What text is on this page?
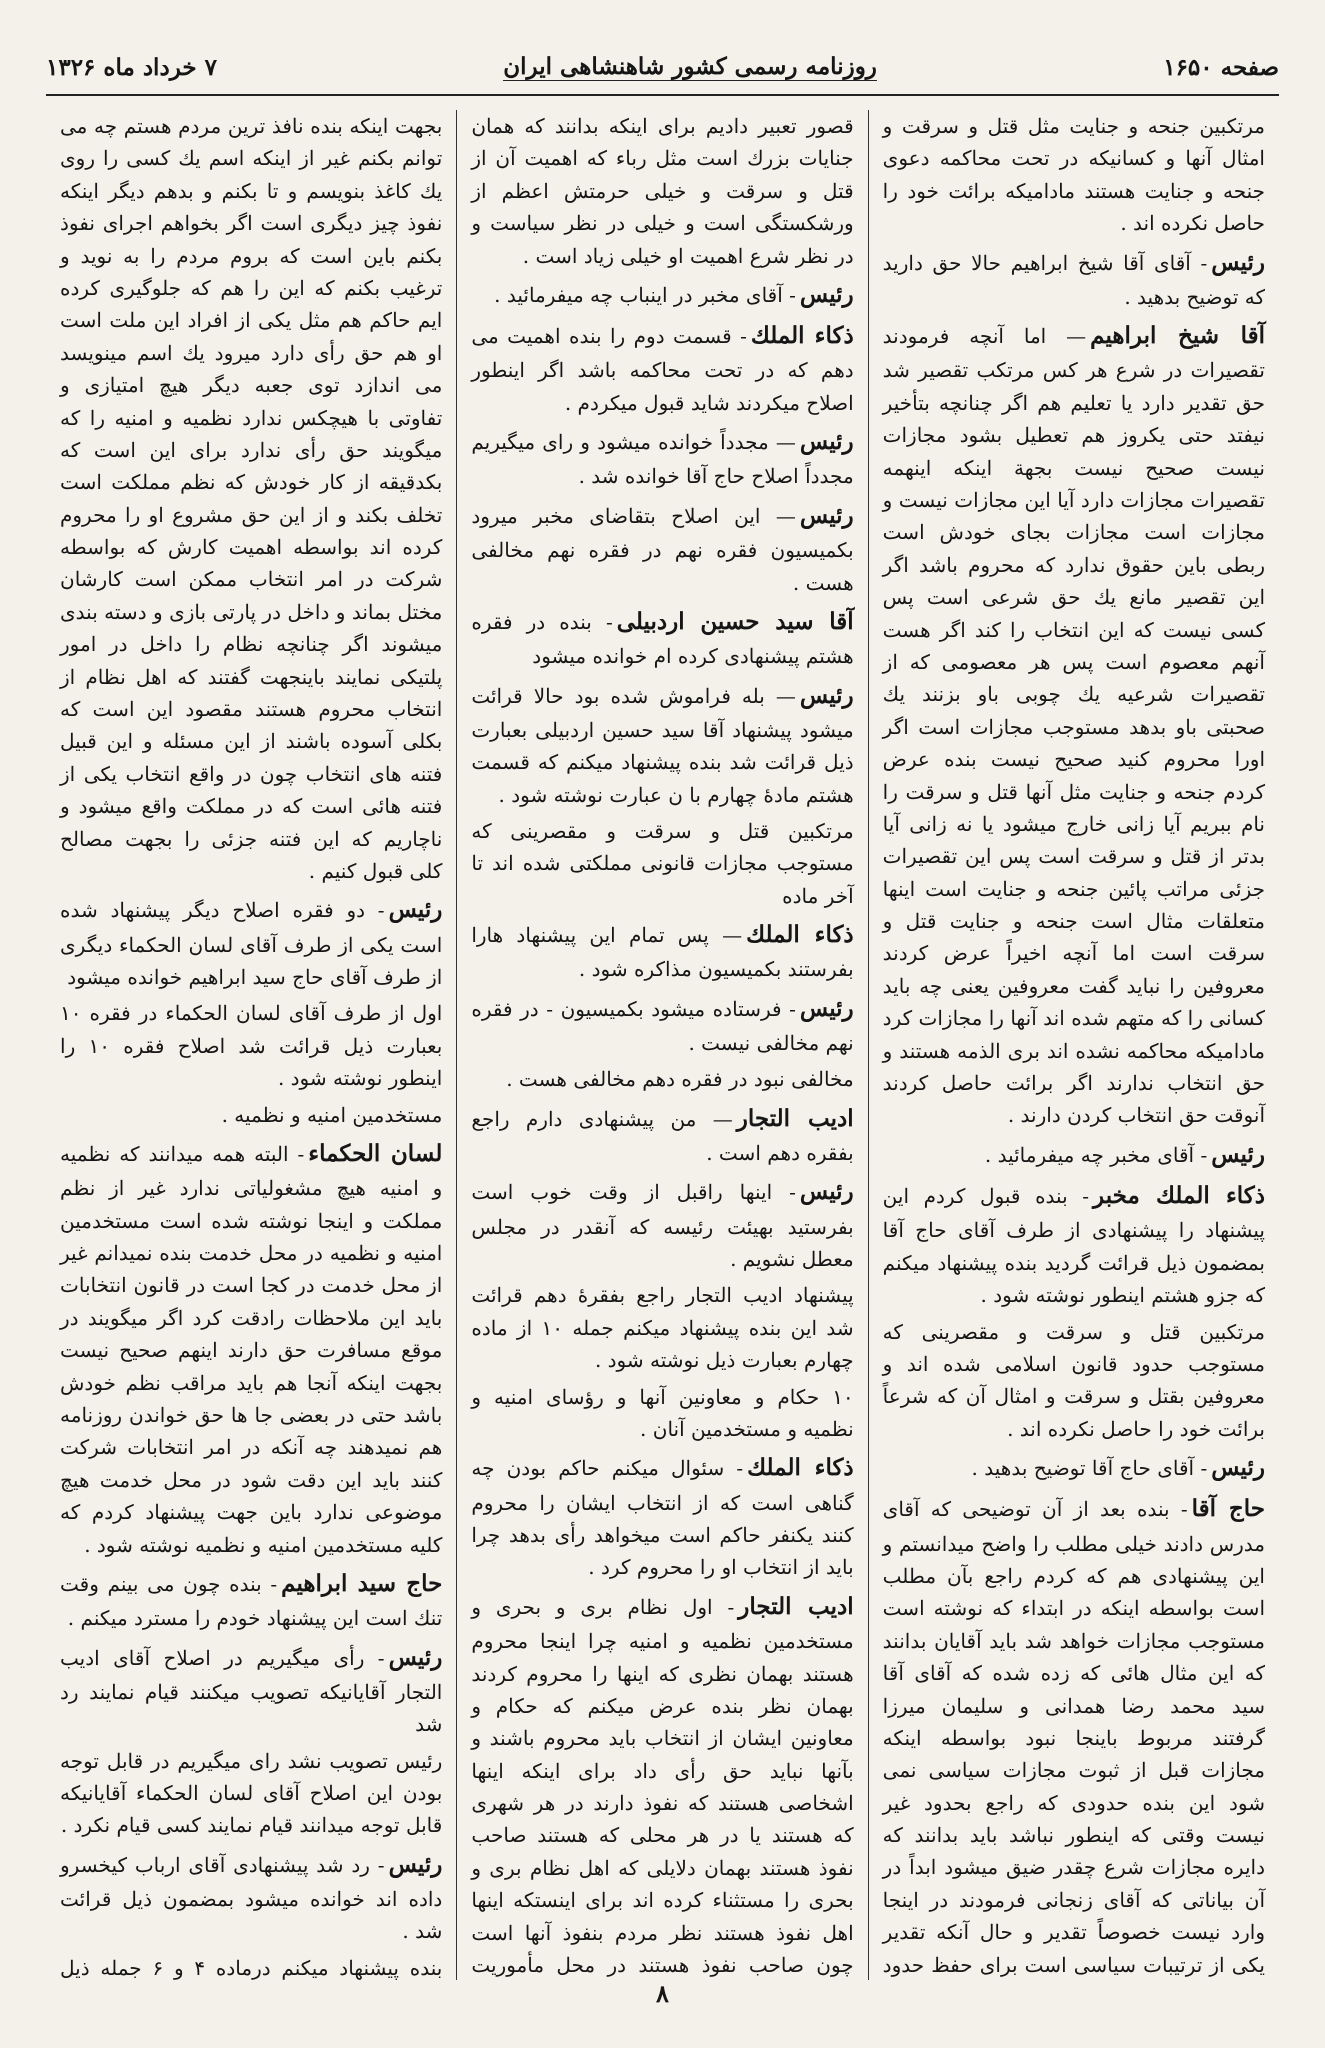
صفحه ۱۶۵۰
روزنامه رسمی کشور شاهنشاهی ایران
۷ خرداد ماه ۱۳۲۶

مرتکبین جنحه و جنایت مثل قتل و سرقت و امثال آنها و کسانیکه در تحت محاکمه دعوی جنحه و جنایت هستند مادامیکه برائت خود را حاصل نکرده اند .

رئیس- آقای آقا شیخ ابراهیم حالا حق دارید که توضیح بدهید .

آقا شیخ ابراهیم— اما آنچه فرمودند تقصیرات در شرع هر کس مرتکب تقصیر شد حق تقدیر دارد یا تعلیم هم اگر چنانچه بتأخیر نیفتد حتی یکروز هم تعطیل بشود مجازات نیست صحیح نیست بجهة اینکه اینهمه تقصیرات مجازات دارد آیا این مجازات نیست و مجازات است مجازات بجای خودش است ربطی باین حقوق ندارد که محروم باشد اگر این تقصیر مانع یك حق شرعی است پس کسی نیست که این انتخاب را کند اگر هست آنهم معصوم است پس هر معصومی که از تقصیرات شرعیه یك چوبی باو بزنند یك صحبتی باو بدهد مستوجب مجازات است اگر اورا محروم کنید صحیح نیست بنده عرض کردم جنحه و جنایت مثل آنها قتل و سرقت را نام ببریم آیا زانی خارج میشود یا نه زانی آیا بدتر از قتل و سرقت است پس این تقصیرات جزئی مراتب پائین جنحه و جنایت است اینها متعلقات مثال است جنحه و جنایت قتل و سرقت است اما آنچه اخیراً عرض کردند معروفین را نباید گفت معروفین یعنی چه باید کسانی را که متهم شده اند آنها را مجازات کرد مادامیکه محاکمه نشده اند بری الذمه هستند و حق انتخاب ندارند اگر برائت حاصل کردند آنوقت حق انتخاب کردن دارند .

رئیس- آقای مخبر چه میفرمائید .

ذکاء الملك مخبر- بنده قبول کردم این پیشنهاد را پیشنهادی از طرف آقای حاج آقا بمضمون ذیل قرائت گردید بنده پیشنهاد میکنم که جزو هشتم اینطور نوشته شود .

مرتکبین قتل و سرقت و مقصرینی که مستوجب حدود قانون اسلامی شده اند و معروفین بقتل و سرقت و امثال آن که شرعاً برائت خود را حاصل نکرده اند .

رئیس- آقای حاج آقا توضیح بدهید .

حاج آقا- بنده بعد از آن توضیحی که آقای مدرس دادند خیلی مطلب را واضح میدانستم و این پیشنهادی هم که کردم راجع بآن مطلب است بواسطه اینکه در ابتداء که نوشته است مستوجب مجازات خواهد شد باید آقایان بدانند که این مثال هائی که زده شده که آقای آقا سید محمد رضا همدانی و سلیمان میرزا گرفتند مربوط باینجا نبود بواسطه اینکه مجازات قبل از ثبوت مجازات سیاسی نمی شود این بنده حدودی که راجع بحدود غیر نیست وقتی که اینطور نباشد باید بدانند که دایره مجازات شرع چقدر ضیق میشود ابداً در آن بیاناتی که آقای زنجانی فرمودند در اینجا وارد نیست خصوصاً تقدیر و حال آنکه تقدیر یکی از ترتیبات سیاسی است برای حفظ حدود

قصور تعبیر دادیم برای اینکه بدانند که همان جنایات بزرك است مثل رباء که اهمیت آن از قتل و سرقت و خیلی حرمتش اعظم از ورشکستگی است و خیلی در نظر سیاست و در نظر شرع اهمیت او خیلی زیاد است .

رئیس- آقای مخبر در اینباب چه میفرمائید .

ذکاء الملك- قسمت دوم را بنده اهمیت می دهم که در تحت محاکمه باشد اگر اینطور اصلاح میکردند شاید قبول میکردم .

رئیس— مجدداً خوانده میشود و رای میگیریم مجدداً اصلاح حاج آقا خوانده شد .

رئیس— این اصلاح بتقاضای مخبر میرود بکمیسیون فقره نهم در فقره نهم مخالفی هست .

آقا سید حسین اردبیلی- بنده در فقره هشتم پیشنهادی کرده ام خوانده میشود

رئیس— بله فراموش شده بود حالا قرائت میشود پیشنهاد آقا سید حسین اردبیلی بعبارت ذیل قرائت شد بنده پیشنهاد میکنم که قسمت هشتم مادهٔ چهارم با ن عبارت نوشته شود .

مرتکبین قتل و سرقت و مقصرینی که مستوجب مجازات قانونی مملکتی شده اند تا آخر ماده

ذکاء الملك— پس تمام این پیشنهاد هارا بفرستند بکمیسیون مذاکره شود .

رئیس- فرستاده میشود بکمیسیون - در فقره نهم مخالفی نیست .

مخالفی نبود در فقره دهم مخالفی هست .

ادیب التجار— من پیشنهادی دارم راجع بفقره دهم است .

رئیس- اینها راقبل از وقت خوب است بفرستید بهیئت رئیسه که آنقدر در مجلس معطل نشویم .

پیشنهاد ادیب التجار راجع بفقرهٔ دهم قرائت شد این بنده پیشنهاد میکنم جمله ۱۰ از ماده چهارم بعبارت ذیل نوشته شود .

۱۰ حکام و معاونین آنها و رؤسای امنیه و نظمیه و مستخدمین آنان .

ذکاء الملك- سئوال میکنم حاکم بودن چه گناهی است که از انتخاب ایشان را محروم کنند یکنفر حاکم است میخواهد رأی بدهد چرا باید از انتخاب او را محروم کرد .

ادیب التجار- اول نظام بری و بحری و مستخدمین نظمیه و امنیه چرا اینجا محروم هستند بهمان نظری که اینها را محروم کردند بهمان نظر بنده عرض میکنم که حکام و معاونین ایشان از انتخاب باید محروم باشند و بآنها نباید حق رأی داد برای اینکه اینها اشخاصی هستند که نفوذ دارند در هر شهری که هستند یا در هر محلی که هستند صاحب نفوذ هستند بهمان دلایلی که اهل نظام بری و بحری را مستثناء کرده اند برای اینستکه اینها اهل نفوذ هستند نظر مردم بنفوذ آنها است چون صاحب نفوذ هستند در محل مأموریت

بجهت اینکه بنده نافذ ترین مردم هستم چه می توانم بکنم غیر از اینکه اسم یك کسی را روی یك کاغذ بنویسم و تا بکنم و بدهم دیگر اینکه نفوذ چیز دیگری است اگر بخواهم اجرای نفوذ بکنم باین است که بروم مردم را به نوید و ترغیب بکنم که این را هم که جلوگیری کرده ایم حاکم هم مثل یکی از افراد این ملت است او هم حق رأی دارد میرود یك اسم مینویسد می اندازد توی جعبه دیگر هیچ امتیازی و تفاوتی با هیچکس ندارد نظمیه و امنیه را که میگویند حق رأی ندارد برای این است که بکدقیقه از کار خودش که نظم مملکت است تخلف بکند و از این حق مشروع او را محروم کرده اند بواسطه اهمیت کارش که بواسطه شرکت در امر انتخاب ممکن است کارشان مختل بماند و داخل در پارتی بازی و دسته بندی میشوند اگر چنانچه نظام را داخل در امور پلتیکی نمایند باینجهت گفتند که اهل نظام از انتخاب محروم هستند مقصود این است که بکلی آسوده باشند از این مسئله و این قبیل فتنه های انتخاب چون در واقع انتخاب یکی از فتنه هائی است که در مملکت واقع میشود و ناچاریم که این فتنه جزئی را بجهت مصالح کلی قبول کنیم .

رئیس- دو فقره اصلاح دیگر پیشنهاد شده است یکی از طرف آقای لسان الحکماء دیگری از طرف آقای حاج سید ابراهیم خوانده میشود

اول از طرف آقای لسان الحکماء در فقره ۱۰ بعبارت ذیل قرائت شد اصلاح فقره ۱۰ را اینطور نوشته شود .

مستخدمین امنیه و نظمیه .

لسان الحکماء- البته همه میدانند که نظمیه و امنیه هیچ مشغولیاتی ندارد غیر از نظم مملکت و اینجا نوشته شده است مستخدمین امنیه و نظمیه در محل خدمت بنده نمیدانم غیر از محل خدمت در کجا است در قانون انتخابات باید این ملاحظات رادقت کرد اگر میگویند در موقع مسافرت حق دارند اینهم صحیح نیست بجهت اینکه آنجا هم باید مراقب نظم خودش باشد حتی در بعضی جا ها حق خواندن روزنامه هم نمیدهند چه آنکه در امر انتخابات شرکت کنند باید این دقت شود در محل خدمت هیچ موضوعی ندارد باین جهت پیشنهاد کردم که کلیه مستخدمین امنیه و نظمیه نوشته شود .

حاج سید ابراهیم- بنده چون می بینم وقت تنك است این پیشنهاد خودم را مسترد میکنم .

رئیس- رأی میگیریم در اصلاح آقای ادیب التجار آقایانیکه تصویب میکنند قیام نمایند رد شد

رئیس تصویب نشد رای میگیریم در قابل توجه بودن این اصلاح آقای لسان الحکماء آقایانیکه قابل توجه میدانند قیام نمایند کسی قیام نکرد .

رئیس- رد شد پیشنهادی آقای ارباب کیخسرو داده اند خوانده میشود بمضمون ذیل قرائت شد .

بنده پیشنهاد میکنم درماده ۴ و ۶ جمله ذیل

۸
